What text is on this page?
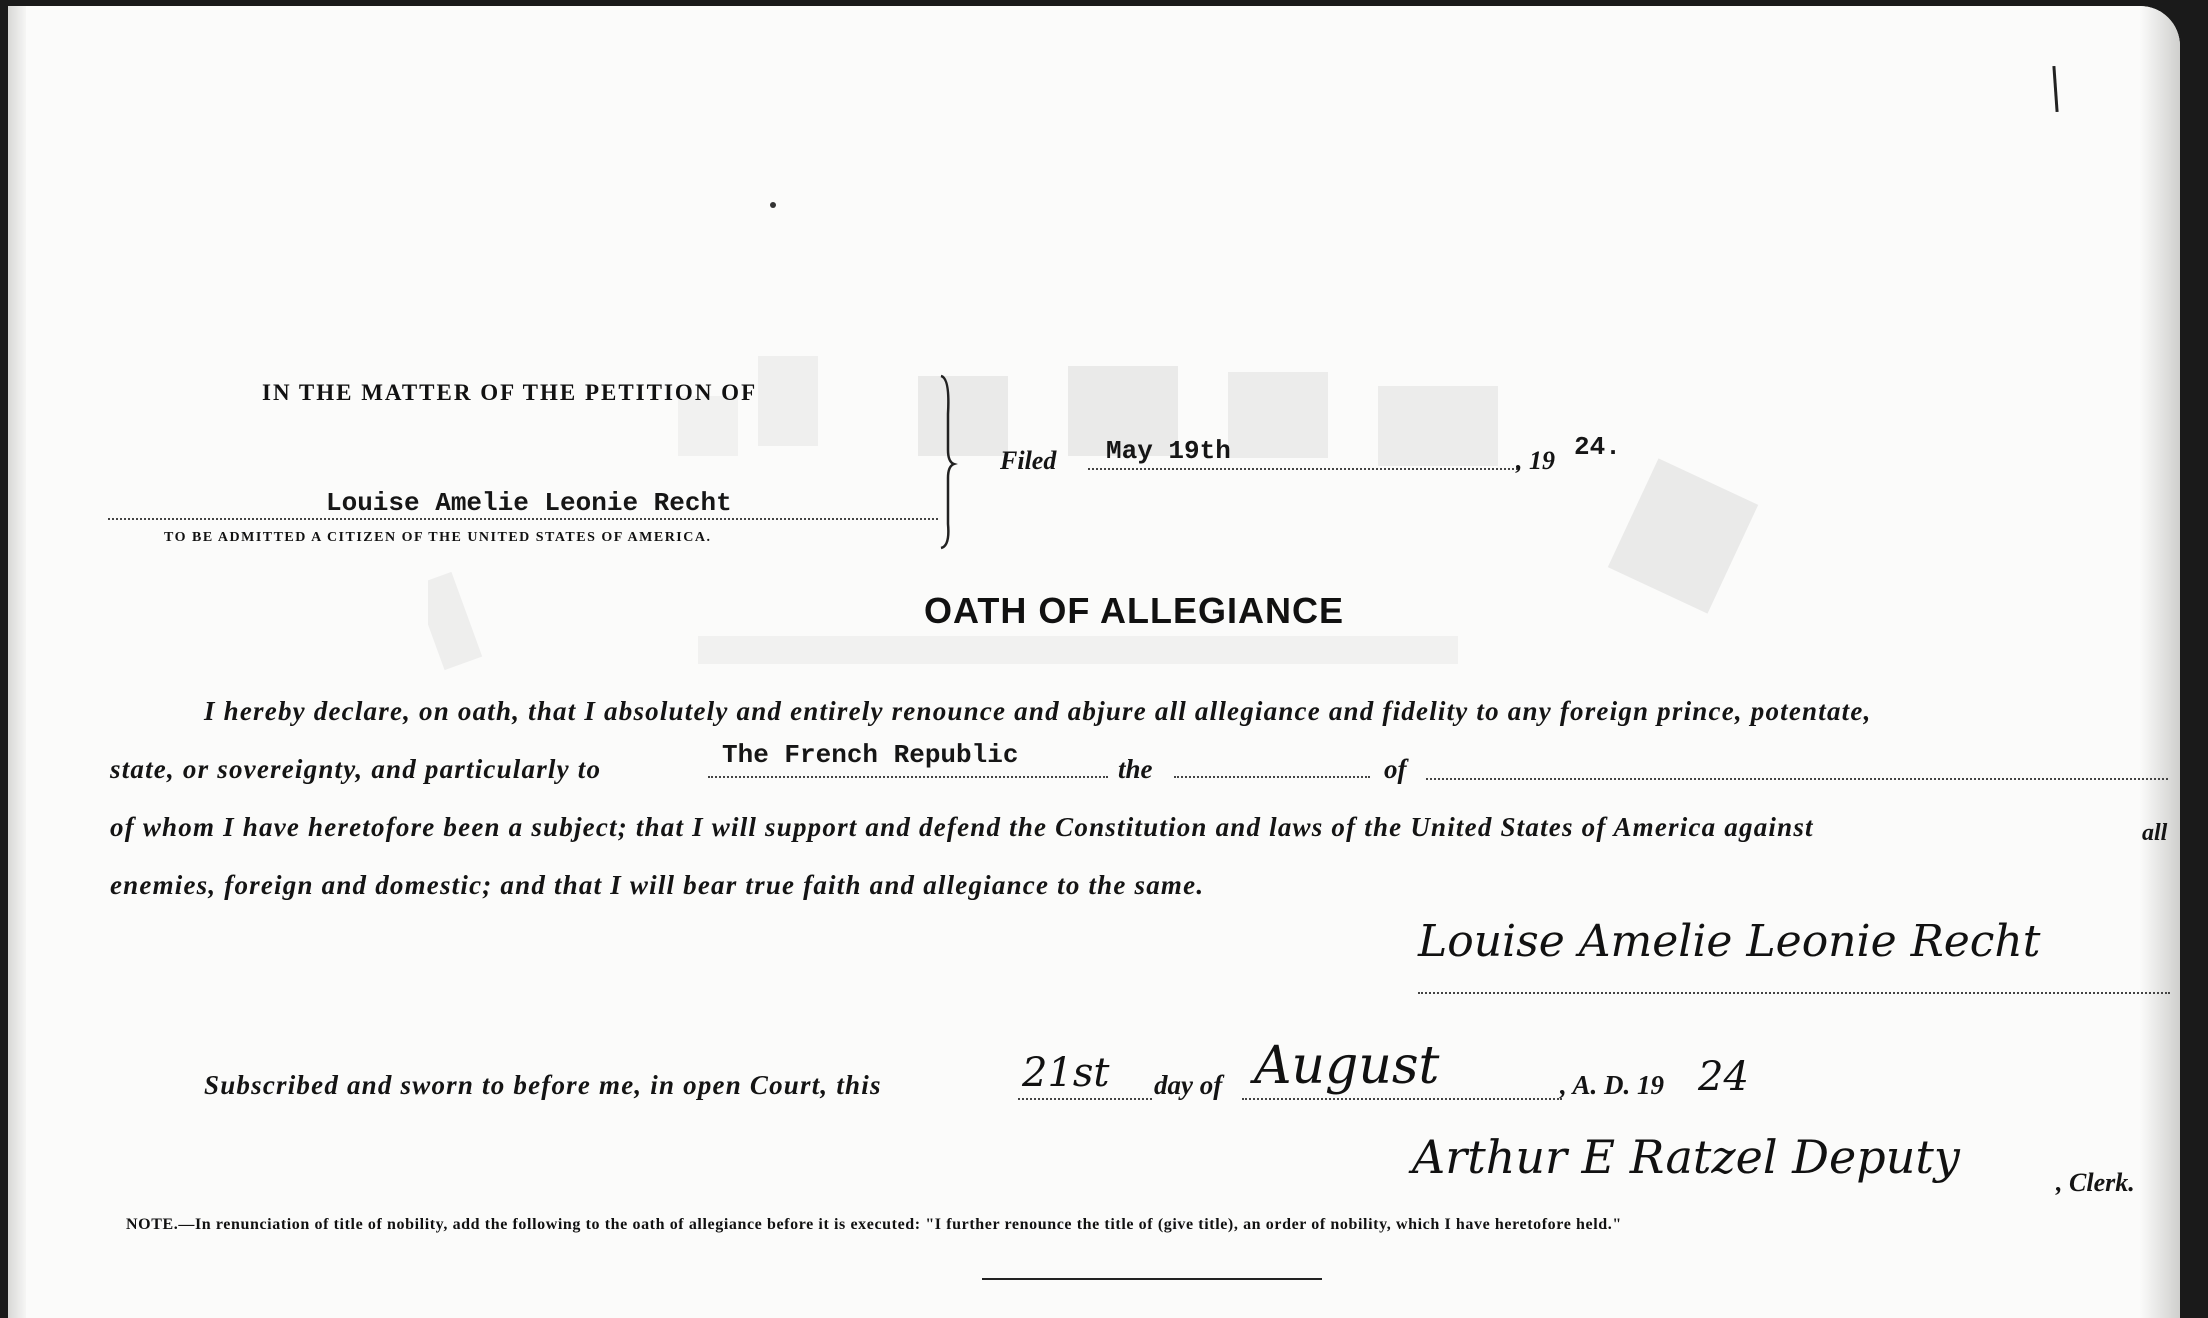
IN THE MATTER OF THE PETITION OF
Louise Amelie Leonie Recht
TO BE ADMITTED A CITIZEN OF THE UNITED STATES OF AMERICA.
Filed May 19th	, 19 24.
OATH OF ALLEGIANCE
I hereby declare, on oath, that I absolutely and entirely renounce and abjure all allegiance and fidelity to any foreign prince, potentate,
state, or sovereignty, and particularly to	The French Republic	the	of
of whom I have heretofore been a subject; that I will support and defend the Constitution and laws of the United States of America against	all
enemies, foreign and domestic; and that I will bear true faith and allegiance to the same.
Louise Amelie Leonie Recht
Subscribed and sworn to before me, in open Court, this	21st day of August	, A. D. 19 24
Arthur E Ratzel Deputy	, Clerk.
NOTE.—In renunciation of title of nobility, add the following to the oath of allegiance before it is executed: "I further renounce the title of (give title), an order of nobility, which I have heretofore held."
